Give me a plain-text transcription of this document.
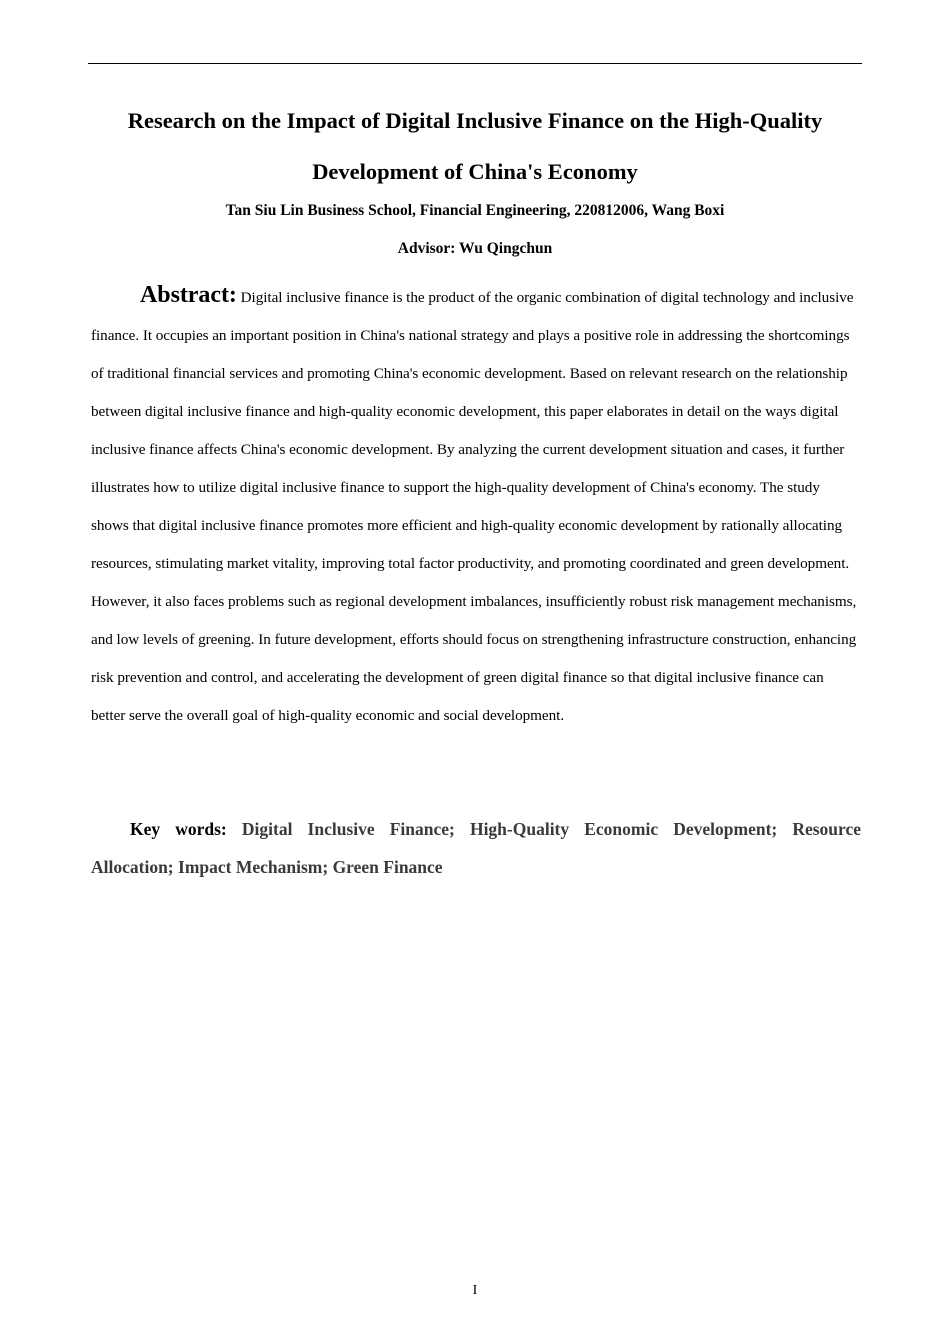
Research on the Impact of Digital Inclusive Finance on the High-Quality Development of China's Economy

Tan Siu Lin Business School, Financial Engineering, 220812006, Wang Boxi

Advisor: Wu Qingchun

Abstract: Digital inclusive finance is the product of the organic combination of digital technology and inclusive finance. It occupies an important position in China's national strategy and plays a positive role in addressing the shortcomings of traditional financial services and promoting China's economic development. Based on relevant research on the relationship between digital inclusive finance and high-quality economic development, this paper elaborates in detail on the ways digital inclusive finance affects China's economic development. By analyzing the current development situation and cases, it further illustrates how to utilize digital inclusive finance to support the high-quality development of China's economy. The study shows that digital inclusive finance promotes more efficient and high-quality economic development by rationally allocating resources, stimulating market vitality, improving total factor productivity, and promoting coordinated and green development. However, it also faces problems such as regional development imbalances, insufficiently robust risk management mechanisms, and low levels of greening. In future development, efforts should focus on strengthening infrastructure construction, enhancing risk prevention and control, and accelerating the development of green digital finance so that digital inclusive finance can better serve the overall goal of high-quality economic and social development.

Key words: Digital Inclusive Finance; High-Quality Economic Development; Resource Allocation; Impact Mechanism; Green Finance

I
